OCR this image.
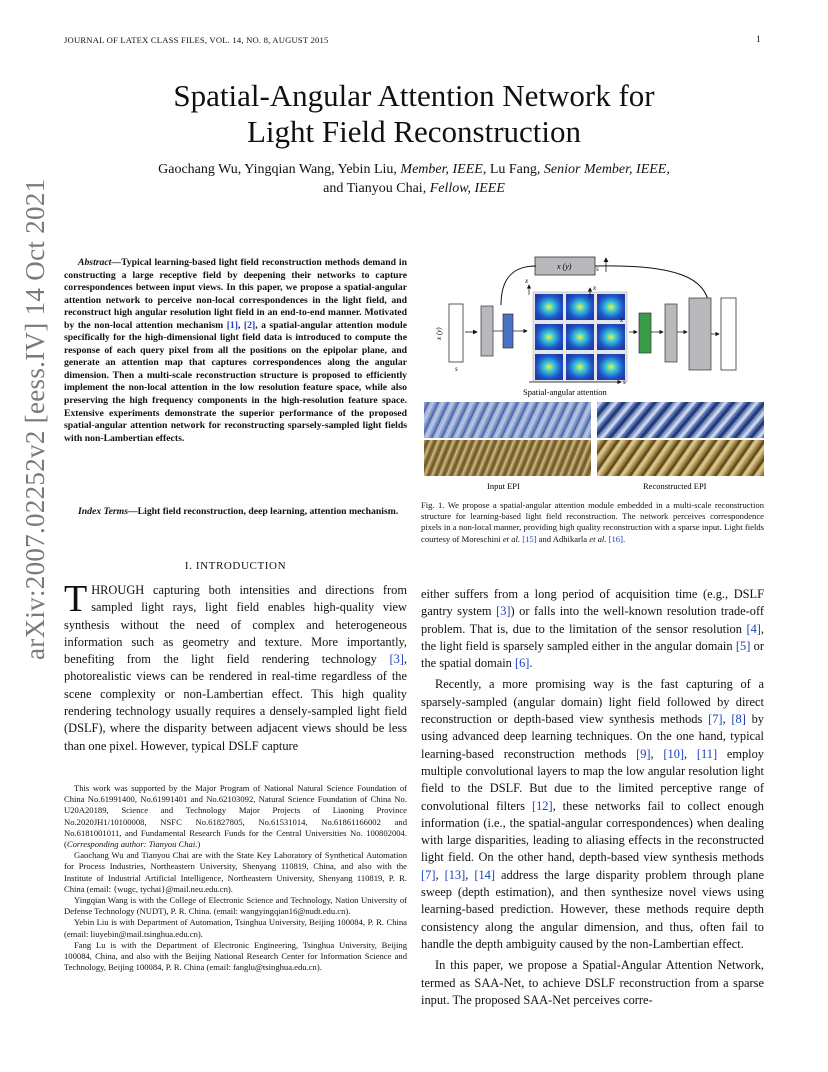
JOURNAL OF LATEX CLASS FILES, VOL. 14, NO. 8, AUGUST 2015	1
Spatial-Angular Attention Network for
Light Field Reconstruction
Gaochang Wu, Yingqian Wang, Yebin Liu, Member, IEEE, Lu Fang, Senior Member, IEEE,
and Tianyou Chai, Fellow, IEEE
arXiv:2007.02252v2 [eess.IV] 14 Oct 2021	Abstract—Typical learning-based light field reconstruction methods demand in constructing a large receptive field by deepening their networks to capture correspondences between input views. In this paper, we propose a spatial-angular attention network to perceive non-local correspondences in the light field, and reconstruct high angular resolution light field in an end-to-end manner. Motivated by the non-local attention mechanism [1], [2], a spatial-angular attention module specifically for the high-dimensional light field data is introduced to compute the response of each query pixel from all the positions on the epipolar plane, and generate an attention map that captures correspondences along the angular dimension. Then a multi-scale reconstruction structure is proposed to efficiently implement the non-local attention in the low resolution feature space, while also preserving the high frequency components in the high-resolution feature space. Extensive experiments demonstrate the superior performance of the proposed spatial-angular attention network for reconstructing sparsely-sampled light fields with non-Lambertian effects.
Index Terms—Light field reconstruction, deep learning, attention mechanism.
I. INTRODUCTION
THROUGH capturing both intensities and directions from sampled light rays, light field enables high-quality view synthesis without the need of complex and heterogeneous information such as geometry and texture. More importantly, benefiting from the light field rendering technology [3], photorealistic views can be rendered in real-time regardless of the scene complexity or non-Lambertian effect. This high quality rendering technology usually requires a densely-sampled light field (DSLF), where the disparity between adjacent views should be less than one pixel. However, typical DSLF capture

This work was supported by the Major Program of National Natural Science Foundation of China No.61991400, No.61991401 and No.62103092, Natural Science Foundation of China No. U20A20189, Science and Technology Major Projects of Liaoning Province No.2020JH1/10100008, NSFC No.61827805, No.61531014, No.61861166002 and No.6181001011, and Fundamental Research Funds for the Central Universities No. 100802004. (Corresponding author: Tianyou Chai.)

Gaochang Wu and Tianyou Chai are with the State Key Laboratory of Synthetical Automation for Process Industries, Northeastern University, Shenyang 110819, China, and also with the Institute of Industrial Artificial Intelligence, Northeastern University, Shenyang 110819, P. R. China (email: {wugc, tychai}@mail.neu.edu.cn).

Yingqian Wang is with the College of Electronic Science and Technology, Nation University of Defense Technology (NUDT), P. R. China. (email: wangyingqian16@nudt.edu.cn).

Yebin Liu is with Department of Automation, Tsinghua University, Beijing 100084, P. R. China (email: liuyebin@mail.tsinghua.edu.cn).

Fang Lu is with the Department of Electronic Engineering, Tsinghua University, Beijing 100084, China, and also with the Beijing National Research Center for Information Science and Technology, Beijing 100084, P. R. China (email: fanglu@tsinghua.edu.cn).

x (y)	s
x (y)
s
x
x
x
s
Spatial-angular attention
Input EPI	Reconstructed EPI
Fig. 1. We propose a spatial-angular attention module embedded in a multi-scale reconstruction structure for learning-based light field reconstruction. The network perceives correspondence pixels in a non-local manner, providing high quality reconstruction with a sparse input. Light fields courtesy of Moreschini et al. [15] and Adhikarla et al. [16].

either suffers from a long period of acquisition time (e.g., DSLF gantry system [3]) or falls into the well-known resolution trade-off problem. That is, due to the limitation of the sensor resolution [4], the light field is sparsely sampled either in the angular domain [5] or the spatial domain [6].

Recently, a more promising way is the fast capturing of a sparsely-sampled (angular domain) light field followed by direct reconstruction or depth-based view synthesis methods [7], [8] by using advanced deep learning techniques. On the one hand, typical learning-based reconstruction methods [9], [10], [11] employ multiple convolutional layers to map the low angular resolution light field to the DSLF. But due to the limited perceptive range of convolutional filters [12], these networks fail to collect enough information (i.e., the spatial-angular correspondences) when dealing with large disparities, leading to aliasing effects in the reconstructed light field. On the other hand, depth-based view synthesis methods [7], [13], [14] address the large disparity problem through plane sweep (depth estimation), and then synthesize novel views using learning-based prediction. However, these methods require depth consistency along the angular dimension, and thus, often fail to handle the depth ambiguity caused by the non-Lambertian effect.

In this paper, we propose a Spatial-Angular Attention Network, termed as SAA-Net, to achieve DSLF reconstruction from a sparse input. The proposed SAA-Net perceives corre-
